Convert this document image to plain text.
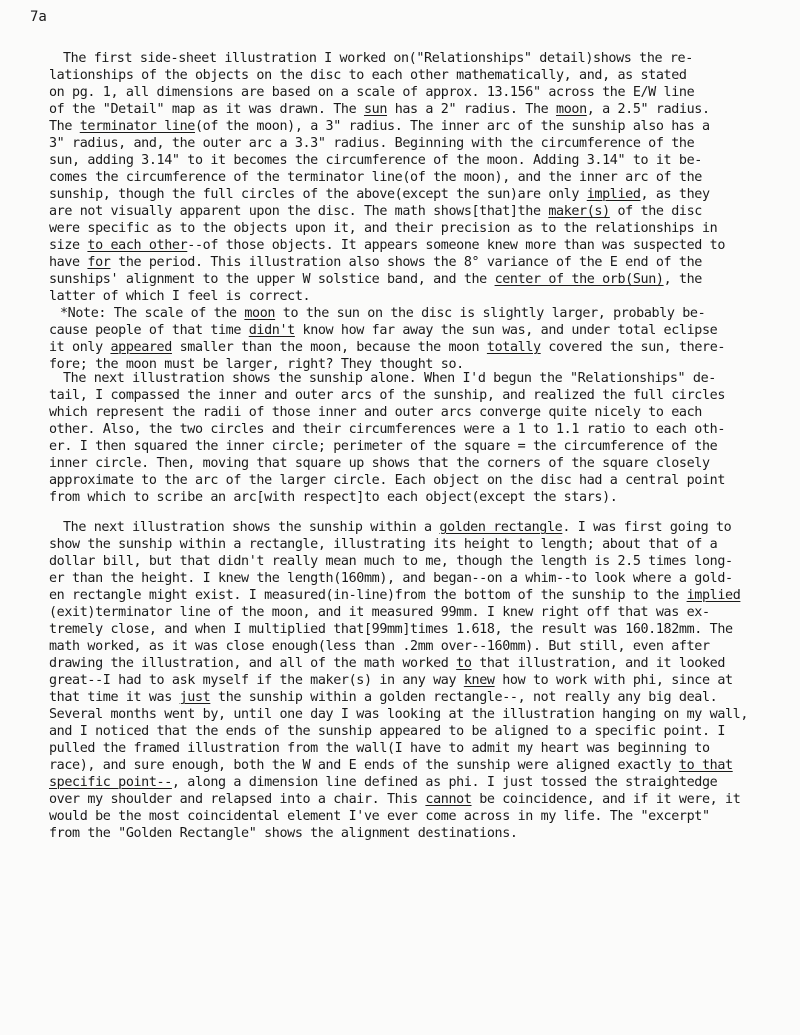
7a
The first side-sheet illustration I worked on("Relationships" detail)shows the re-
lationships of the objects on the disc to each other mathematically, and, as stated
on pg. 1, all dimensions are based on a scale of approx. 13.156" across the E/W line
of the "Detail" map as it was drawn. The sun has a 2" radius. The moon, a 2.5" radius.
The terminator line(of the moon), a 3" radius. The inner arc of the sunship also has a
3" radius, and, the outer arc a 3.3" radius. Beginning with the circumference of the
sun, adding 3.14" to it becomes the circumference of the moon. Adding 3.14" to it be-
comes the circumference of the terminator line(of the moon), and the inner arc of the
sunship, though the full circles of the above(except the sun)are only implied, as they
are not visually apparent upon the disc. The math shows[that]the maker(s) of the disc
were specific as to the objects upon it, and their precision as to the relationships in
size to each other--of those objects. It appears someone knew more than was suspected to
have for the period. This illustration also shows the 8° variance of the E end of the
sunships' alignment to the upper W solstice band, and the center of the orb(Sun), the
latter of which I feel is correct.
*Note: The scale of the moon to the sun on the disc is slightly larger, probably be-
cause people of that time didn't know how far away the sun was, and under total eclipse
it only appeared smaller than the moon, because the moon totally covered the sun, there-
fore; the moon must be larger, right? They thought so.
The next illustration shows the sunship alone. When I'd begun the "Relationships" de-
tail, I compassed the inner and outer arcs of the sunship, and realized the full circles
which represent the radii of those inner and outer arcs converge quite nicely to each
other. Also, the two circles and their circumferences were a 1 to 1.1 ratio to each oth-
er. I then squared the inner circle; perimeter of the square = the circumference of the
inner circle. Then, moving that square up shows that the corners of the square closely
approximate to the arc of the larger circle. Each object on the disc had a central point
from which to scribe an arc[with respect]to each object(except the stars).
The next illustration shows the sunship within a golden rectangle. I was first going to
show the sunship within a rectangle, illustrating its height to length; about that of a
dollar bill, but that didn't really mean much to me, though the length is 2.5 times long-
er than the height. I knew the length(160mm), and began--on a whim--to look where a gold-
en rectangle might exist. I measured(in-line)from the bottom of the sunship to the implied
(exit)terminator line of the moon, and it measured 99mm. I knew right off that was ex-
tremely close, and when I multiplied that[99mm]times 1.618, the result was 160.182mm. The
math worked, as it was close enough(less than .2mm over--160mm). But still, even after
drawing the illustration, and all of the math worked to that illustration, and it looked
great--I had to ask myself if the maker(s) in any way knew how to work with phi, since at
that time it was just the sunship within a golden rectangle--, not really any big deal.
Several months went by, until one day I was looking at the illustration hanging on my wall,
and I noticed that the ends of the sunship appeared to be aligned to a specific point. I
pulled the framed illustration from the wall(I have to admit my heart was beginning to
race), and sure enough, both the W and E ends of the sunship were aligned exactly to that
specific point--, along a dimension line defined as phi. I just tossed the straightedge
over my shoulder and relapsed into a chair. This cannot be coincidence, and if it were, it
would be the most coincidental element I've ever come across in my life. The "excerpt"
from the "Golden Rectangle" shows the alignment destinations.
